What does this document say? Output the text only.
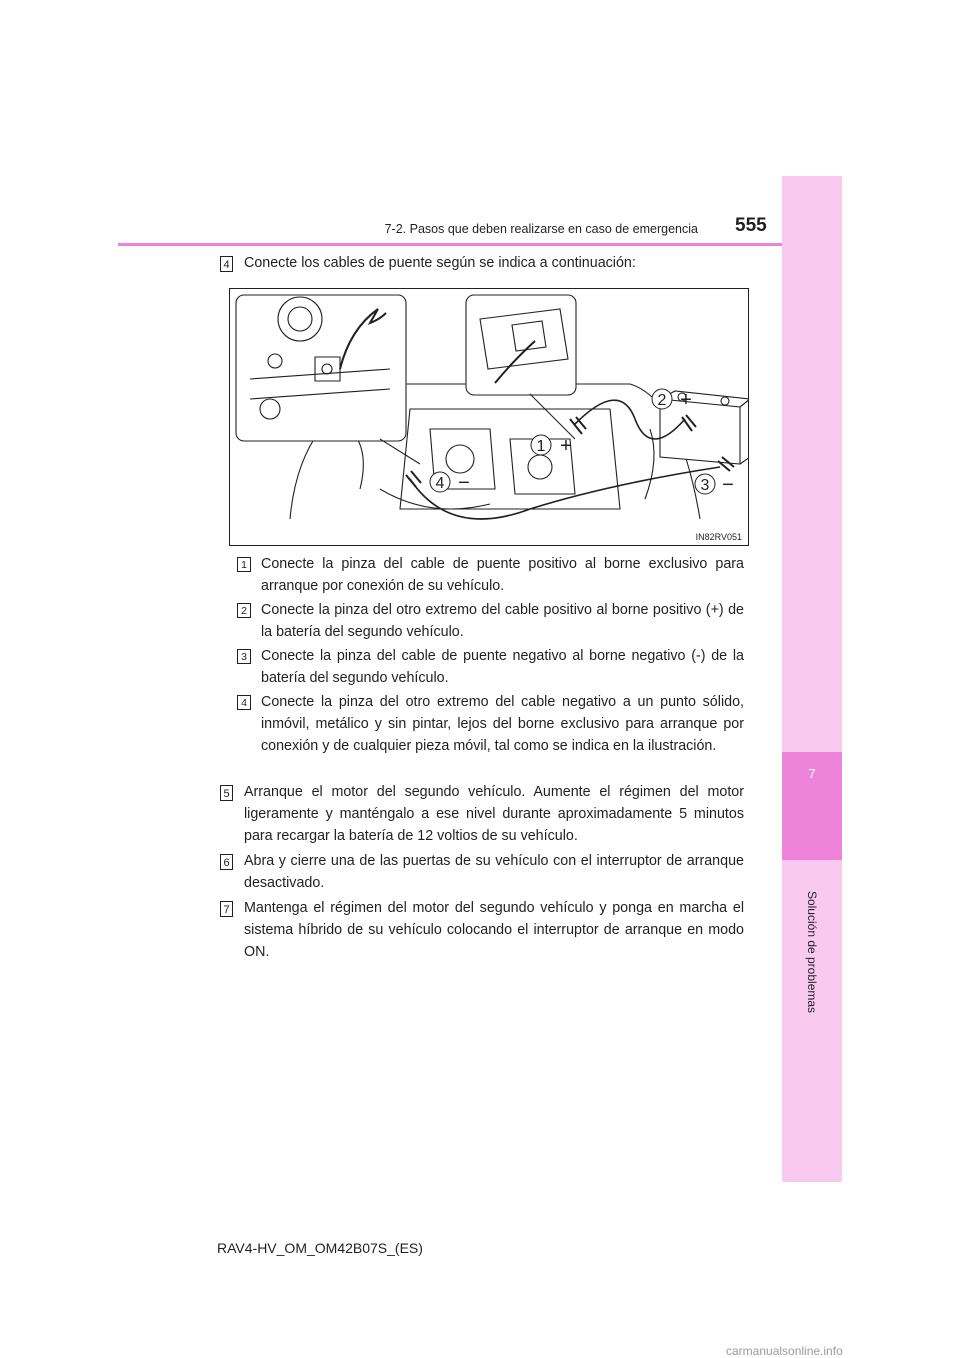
7
Solución de problemas
7-2. Pasos que deben realizarse en caso de emergencia 555
4 Conecte los cables de puente según se indica a continuación:
1 +
2 +
3 −
4 −
IN82RV051
1 Conecte la pinza del cable de puente positivo al borne exclusivo para arranque por conexión de su vehículo.
2 Conecte la pinza del otro extremo del cable positivo al borne positivo (+) de la batería del segundo vehículo.
3 Conecte la pinza del cable de puente negativo al borne negativo (-) de la batería del segundo vehículo.
4 Conecte la pinza del otro extremo del cable negativo a un punto sólido, inmóvil, metálico y sin pintar, lejos del borne exclusivo para arranque por conexión y de cualquier pieza móvil, tal como se indica en la ilustración.
5 Arranque el motor del segundo vehículo. Aumente el régimen del motor ligeramente y manténgalo a ese nivel durante aproximadamente 5 minutos para recargar la batería de 12 voltios de su vehículo.
6 Abra y cierre una de las puertas de su vehículo con el interruptor de arranque desactivado.
7 Mantenga el régimen del motor del segundo vehículo y ponga en marcha el sistema híbrido de su vehículo colocando el interruptor de arranque en modo ON.
RAV4-HV_OM_OM42B07S_(ES)
carmanualsonline.info
